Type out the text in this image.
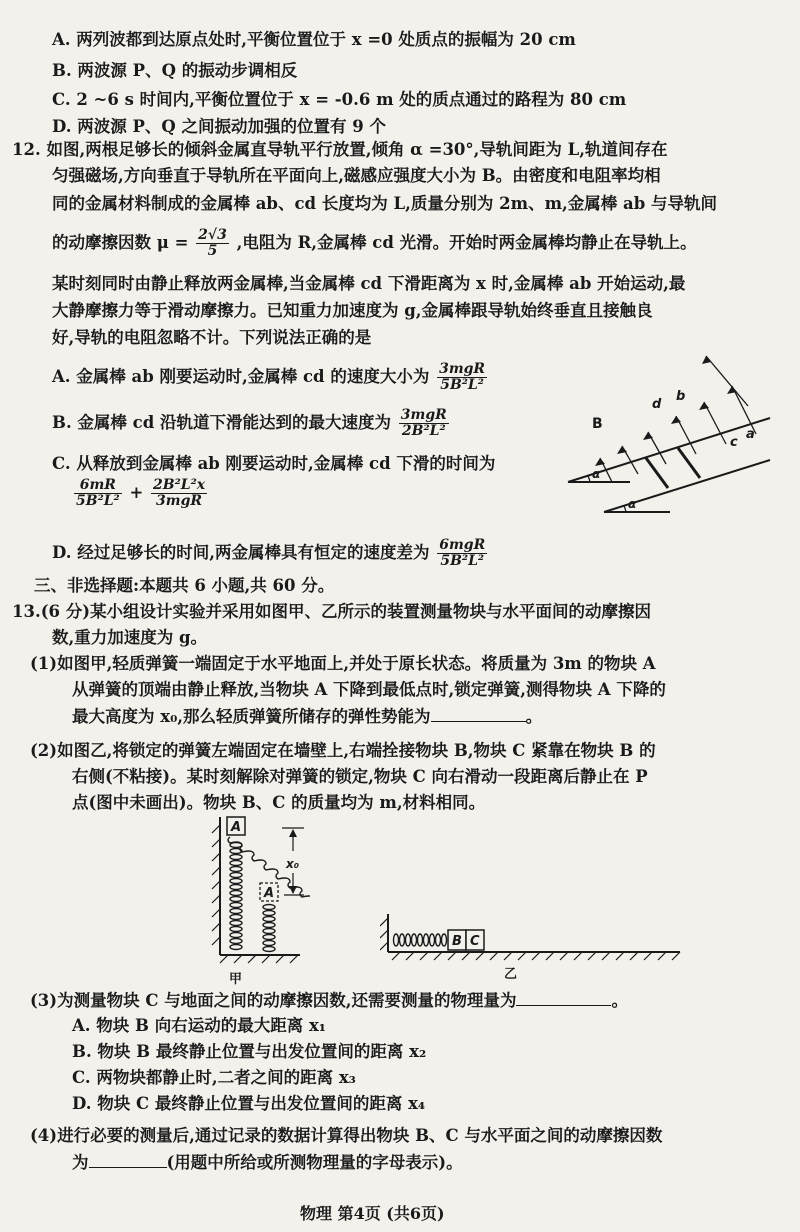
A. 两列波都到达原点处时,平衡位置位于 x =0 处质点的振幅为 20 cm
B. 两波源 P、Q 的振动步调相反
C. 2 ~6 s 时间内,平衡位置位于 x = -0.6 m 处的质点通过的路程为 80 cm
D. 两波源 P、Q 之间振动加强的位置有 9 个
12. 如图,两根足够长的倾斜金属直导轨平行放置,倾角 α =30°,导轨间距为 L,轨道间存在
匀强磁场,方向垂直于导轨所在平面向上,磁感应强度大小为 B。由密度和电阻率均相
同的金属材料制成的金属棒 ab、cd 长度均为 L,质量分别为 2m、m,金属棒 ab 与导轨间
的动摩擦因数 $\mu = \frac{2√3}{5}$ ,电阻为 R,金属棒 cd 光滑。开始时两金属棒均静止在导轨上。
某时刻同时由静止释放两金属棒,当金属棒 cd 下滑距离为 x 时,金属棒 ab 开始运动,最
大静摩擦力等于滑动摩擦力。已知重力加速度为 g,金属棒跟导轨始终垂直且接触良
好,导轨的电阻忽略不计。下列说法正确的是
A. 金属棒 ab 刚要运动时,金属棒 cd 的速度大小为 $\frac{\text{3mgR}}{\text{5B²L²}}$
B. 金属棒 cd 沿轨道下滑能达到的最大速度为 $\frac{\text{3mgR}}{\text{2B²L²}}$
C. 从释放到金属棒 ab 刚要运动时,金属棒 cd 下滑的时间为
$\frac{6mR}{\text{5B²L²}} + \frac{\text{2B²L²x}}{\text{3mgR}}$
D. 经过足够长的时间,两金属棒具有恒定的速度差为 $\frac{\text{6mgR}}{\text{5B²L²}}$
B
b
d
a
c
α
α
三、非选择题:本题共 6 小题,共 60 分。
13.(6 分)某小组设计实验并采用如图甲、乙所示的装置测量物块与水平面间的动摩擦因
数,重力加速度为 g。
(1)如图甲,轻质弹簧一端固定于水平地面上,并处于原长状态。将质量为 3m 的物块 A
从弹簧的顶端由静止释放,当物块 A 下降到最低点时,锁定弹簧,测得物块 A 下降的
最大高度为 x₀,那么轻质弹簧所储存的弹性势能为	。
(2)如图乙,将锁定的弹簧左端固定在墙壁上,右端拴接物块 B,物块 C 紧靠在物块 B 的
右侧(不粘接)。某时刻解除对弹簧的锁定,物块 C 向右滑动一段距离后静止在 P
点(图中未画出)。物块 B、C 的质量均为 m,材料相同。
A
A
x₀
甲
B C
乙
(3)为测量物块 C 与地面之间的动摩擦因数,还需要测量的物理量为	。
A. 物块 B 向右运动的最大距离 x₁
B. 物块 B 最终静止位置与出发位置间的距离 x₂
C. 两物块都静止时,二者之间的距离 x₃
D. 物块 C 最终静止位置与出发位置间的距离 x₄
(4)进行必要的测量后,通过记录的数据计算得出物块 B、C 与水平面之间的动摩擦因数
为	(用题中所给或所测物理量的字母表示)。
物理 第4页 (共6页)
